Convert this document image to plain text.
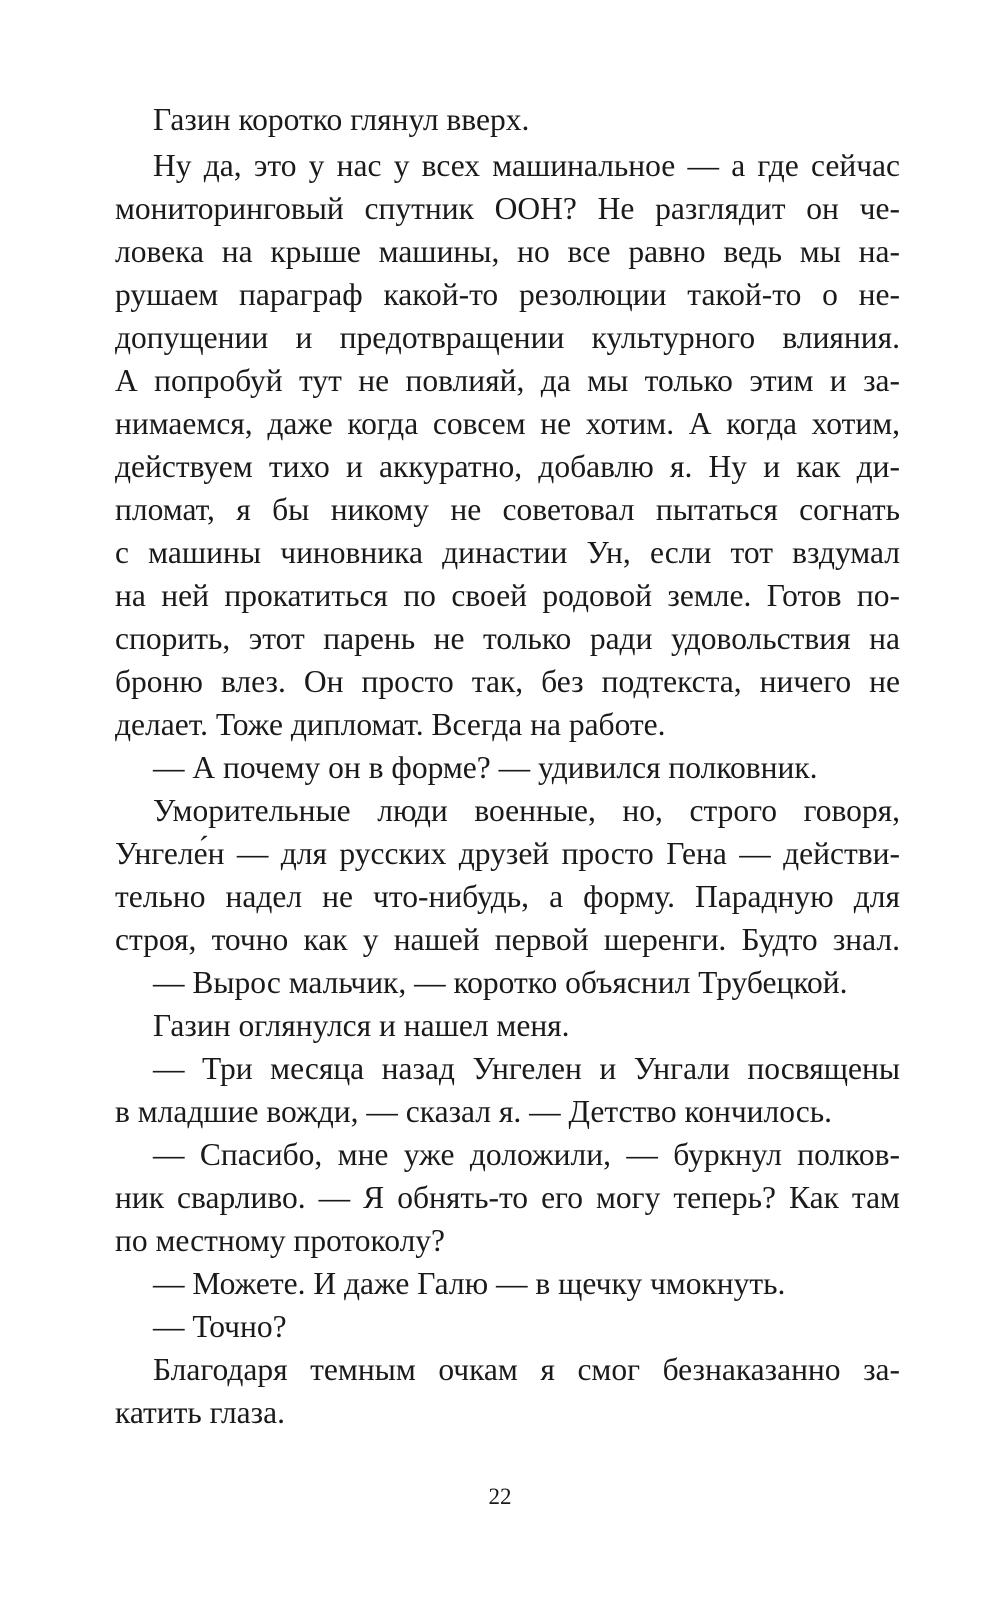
Газин коротко глянул вверх.
Ну да, это у нас у всех машинальное — а где сейчас
мониторинговый спутник ООН? Не разглядит он че-
ловека на крыше машины, но все равно ведь мы на-
рушаем параграф какой-то резолюции такой-то о не-
допущении и предотвращении культурного влияния.
А попробуй тут не повлияй, да мы только этим и за-
нимаемся, даже когда совсем не хотим. А когда хотим,
действуем тихо и аккуратно, добавлю я. Ну и как ди-
пломат, я бы никому не советовал пытаться согнать
с машины чиновника династии Ун, если тот вздумал
на ней прокатиться по своей родовой земле. Готов по-
спорить, этот парень не только ради удовольствия на
броню влез. Он просто так, без подтекста, ничего не
делает. Тоже дипломат. Всегда на работе.
— А почему он в форме? — удивился полковник.
Уморительные люди военные, но, строго говоря,
Унгеле́н — для русских друзей просто Гена — действи-
тельно надел не что-нибудь, а форму. Парадную для
строя, точно как у нашей первой шеренги. Будто знал.
— Вырос мальчик, — коротко объяснил Трубецкой.
Газин оглянулся и нашел меня.
— Три месяца назад Унгелен и Унгали посвящены
в младшие вожди, — сказал я. — Детство кончилось.
— Спасибо, мне уже доложили, — буркнул полков-
ник сварливо. — Я обнять-то его могу теперь? Как там
по местному протоколу?
— Можете. И даже Галю — в щечку чмокнуть.
— Точно?
Благодаря темным очкам я смог безнаказанно за-
катить глаза.
22
